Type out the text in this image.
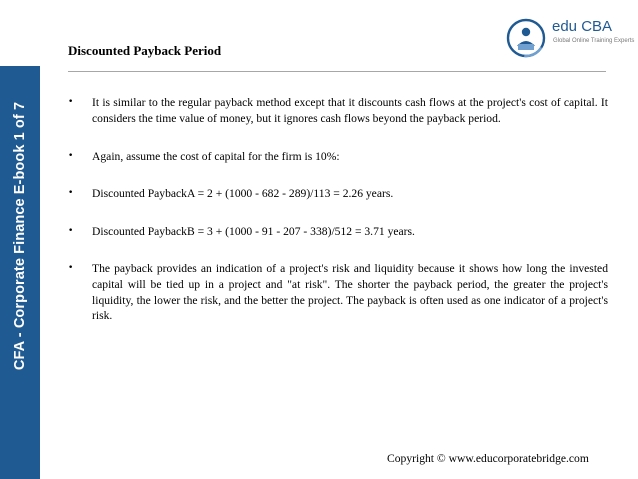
CFA - Corporate Finance E-book 1 of 7
edu CBA
Global Online Training Experts
Discounted Payback Period
• It is similar to the regular payback method except that it discounts cash flows at the project's cost of capital. It considers the time value of money, but it ignores cash flows beyond the payback period.
• Again, assume the cost of capital for the firm is 10%:
• Discounted PaybackA = 2 + (1000 - 682 - 289)/113 = 2.26 years.
• Discounted PaybackB = 3 + (1000 - 91 - 207 - 338)/512 = 3.71 years.
• The payback provides an indication of a project's risk and liquidity because it shows how long the invested capital will be tied up in a project and "at risk". The shorter the payback period, the greater the project's liquidity, the lower the risk, and the better the project. The payback is often used as one indicator of a project's risk.
Copyright © www.educorporatebridge.com
